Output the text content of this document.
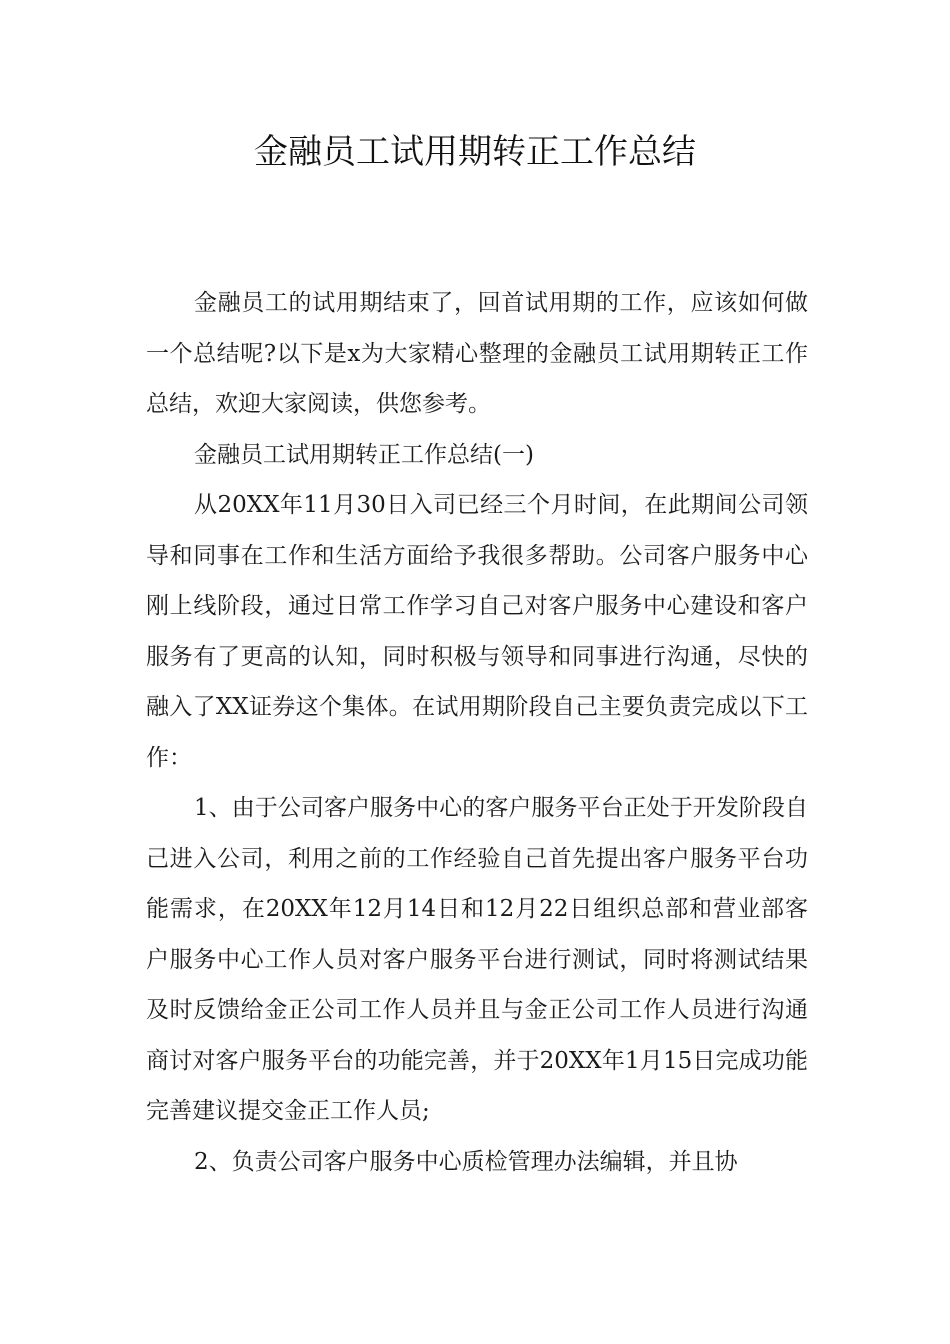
金融员工试用期转正工作总结

金融员工的试用期结束了，回首试用期的工作，应该如何做一个总结呢?以下是x为大家精心整理的金融员工试用期转正工作总结，欢迎大家阅读，供您参考。

金融员工试用期转正工作总结(一)

从20XX年11月30日入司已经三个月时间，在此期间公司领导和同事在工作和生活方面给予我很多帮助。公司客户服务中心刚上线阶段，通过日常工作学习自己对客户服务中心建设和客户服务有了更高的认知，同时积极与领导和同事进行沟通，尽快的融入了XX证券这个集体。在试用期阶段自己主要负责完成以下工作：

1、由于公司客户服务中心的客户服务平台正处于开发阶段自己进入公司，利用之前的工作经验自己首先提出客户服务平台功能需求，在20XX年12月14日和12月22日组织总部和营业部客户服务中心工作人员对客户服务平台进行测试，同时将测试结果及时反馈给金正公司工作人员并且与金正公司工作人员进行沟通商讨对客户服务平台的功能完善，并于20XX年1月15日完成功能完善建议提交金正工作人员;

2、负责公司客户服务中心质检管理办法编辑，并且协
